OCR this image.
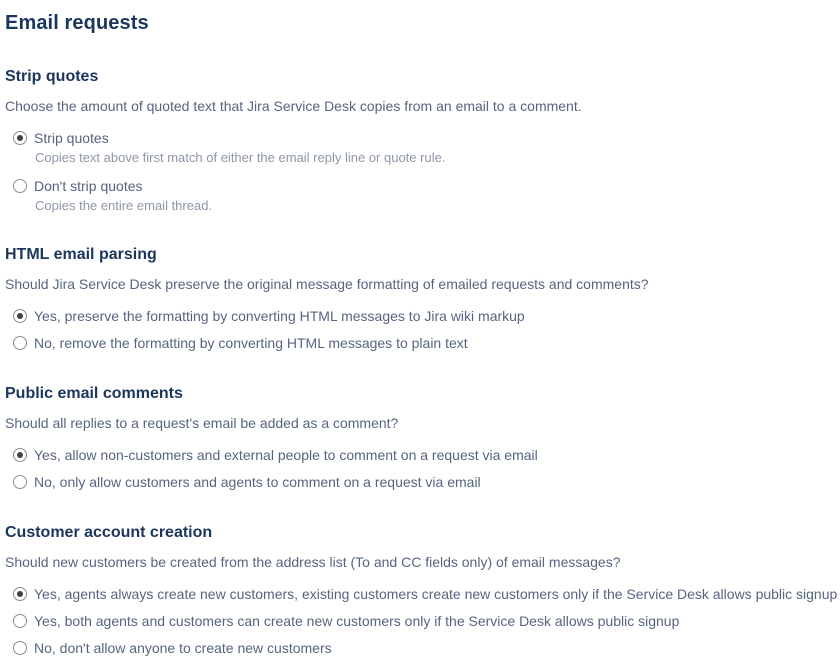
Email requests
Strip quotes
Choose the amount of quoted text that Jira Service Desk copies from an email to a comment.
Strip quotes
Copies text above first match of either the email reply line or quote rule.
Don't strip quotes
Copies the entire email thread.
HTML email parsing
Should Jira Service Desk preserve the original message formatting of emailed requests and comments?
Yes, preserve the formatting by converting HTML messages to Jira wiki markup
No, remove the formatting by converting HTML messages to plain text
Public email comments
Should all replies to a request's email be added as a comment?
Yes, allow non-customers and external people to comment on a request via email
No, only allow customers and agents to comment on a request via email
Customer account creation
Should new customers be created from the address list (To and CC fields only) of email messages?
Yes, agents always create new customers, existing customers create new customers only if the Service Desk allows public signup
Yes, both agents and customers can create new customers only if the Service Desk allows public signup
No, don't allow anyone to create new customers
